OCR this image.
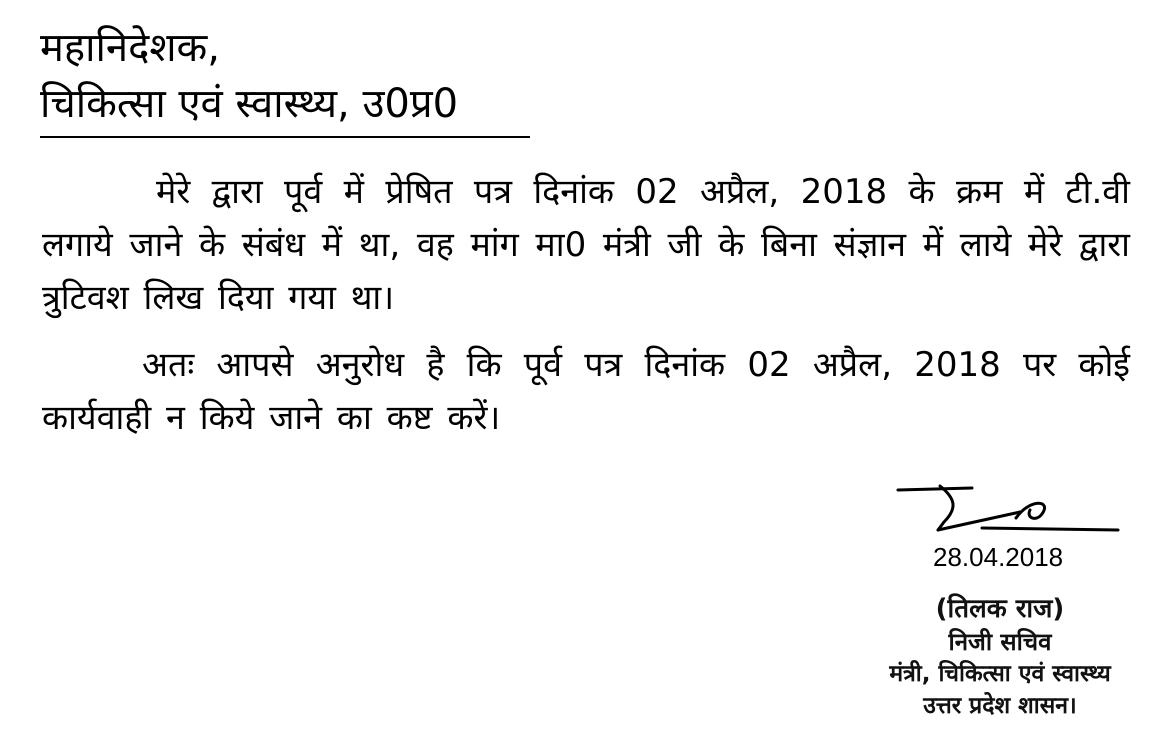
महानिदेशक,
चिकित्सा एवं स्वास्थ्य, उ0प्र0
मेरे द्वारा पूर्व में प्रेषित पत्र दिनांक 02 अप्रैल, 2018 के क्रम में टी.वी लगाये जाने के संबंध में था, वह मांग मा0 मंत्री जी के बिना संज्ञान में लाये मेरे द्वारा त्रुटिवश लिख दिया गया था।
अतः आपसे अनुरोध है कि पूर्व पत्र दिनांक 02 अप्रैल, 2018 पर कोई कार्यवाही न किये जाने का कष्ट करें।
28.04.2018
(तिलक राज)
निजी सचिव
मंत्री, चिकित्सा एवं स्वास्थ्य
उत्तर प्रदेश शासन।
